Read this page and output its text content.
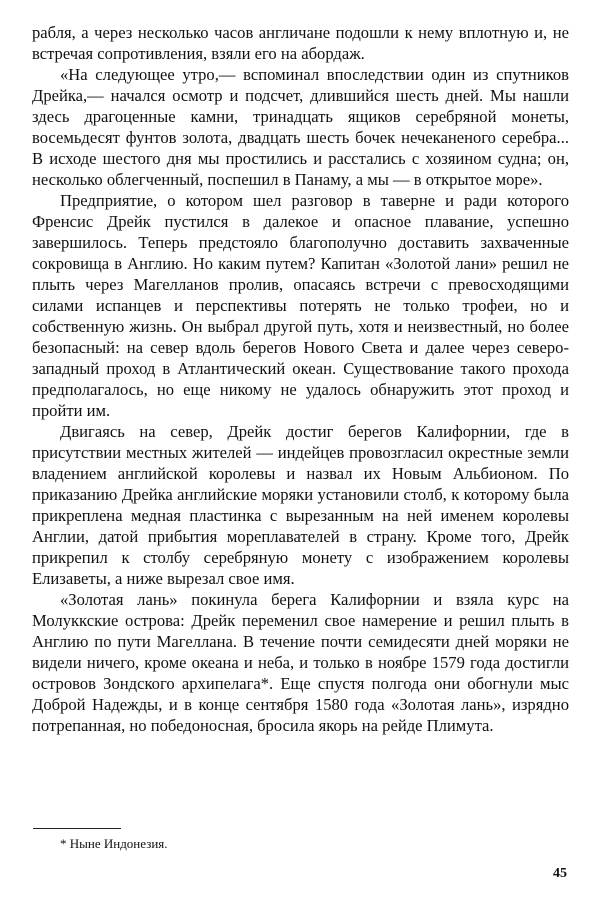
рабля, а через несколько часов англичане подошли к нему вплотную и, не встречая сопротивления, взяли его на абордаж.

«На следующее утро,— вспоминал впоследствии один из спутников Дрейка,— начался осмотр и подсчет, длившийся шесть дней. Мы нашли здесь драгоценные камни, тринадцать ящиков серебряной монеты, восемьдесят фунтов золота, двадцать шесть бочек нечеканеного серебра... В исходе шестого дня мы простились и расстались с хозяином судна; он, несколько облегченный, поспешил в Панаму, а мы — в открытое море».

Предприятие, о котором шел разговор в таверне и ради которого Френсис Дрейк пустился в далекое и опасное плавание, успешно завершилось. Теперь предстояло благополучно доставить захваченные сокровища в Англию. Но каким путем? Капитан «Золотой лани» решил не плыть через Магелланов пролив, опасаясь встречи с превосходящими силами испанцев и перспективы потерять не только трофеи, но и собственную жизнь. Он выбрал другой путь, хотя и неизвестный, но более безопасный: на север вдоль берегов Нового Света и далее через северо-западный проход в Атлантический океан. Существование такого прохода предполагалось, но еще никому не удалось обнаружить этот проход и пройти им.

Двигаясь на север, Дрейк достиг берегов Калифорнии, где в присутствии местных жителей — индейцев провозгласил окрестные земли владением английской королевы и назвал их Новым Альбионом. По приказанию Дрейка английские моряки установили столб, к которому была прикреплена медная пластинка с вырезанным на ней именем королевы Англии, датой прибытия мореплавателей в страну. Кроме того, Дрейк прикрепил к столбу серебряную монету с изображением королевы Елизаветы, а ниже вырезал свое имя.

«Золотая лань» покинула берега Калифорнии и взяла курс на Молуккские острова: Дрейк переменил свое намерение и решил плыть в Англию по пути Магеллана. В течение почти семидесяти дней моряки не видели ничего, кроме океана и неба, и только в ноябре 1579 года достигли островов Зондского архипелага*. Еще спустя полгода они обогнули мыс Доброй Надежды, и в конце сентября 1580 года «Золотая лань», изрядно потрепанная, но победоносная, бросила якорь на рейде Плимута.

* Ныне Индонезия.
45
